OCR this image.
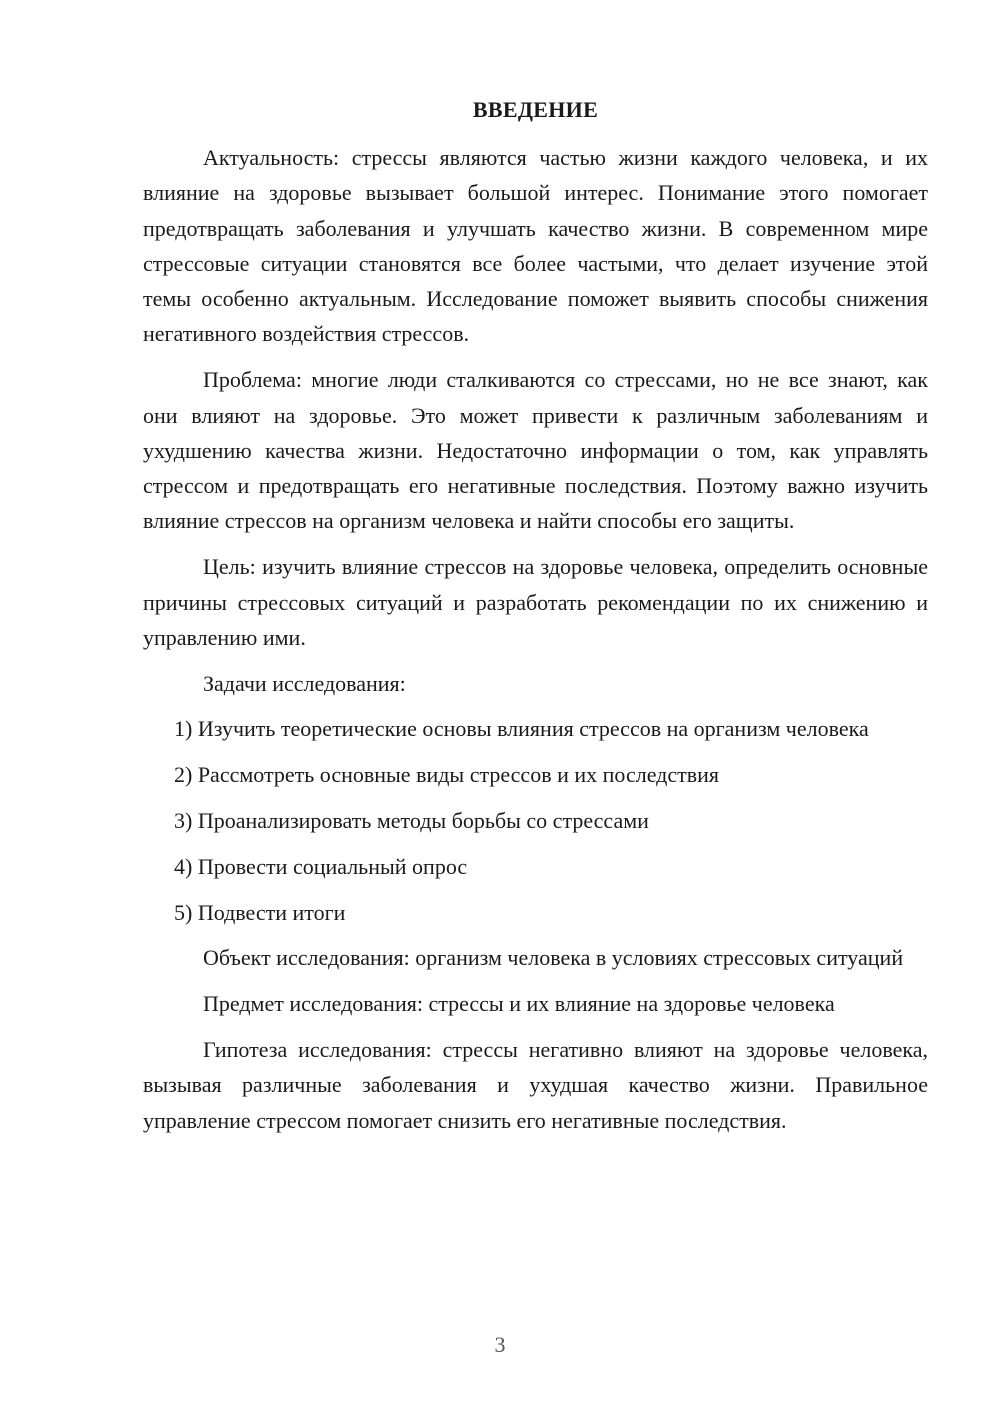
ВВЕДЕНИЕ

Актуальность: стрессы являются частью жизни каждого человека, и их влияние на здоровье вызывает большой интерес. Понимание этого помогает предотвращать заболевания и улучшать качество жизни. В современном мире стрессовые ситуации становятся все более частыми, что делает изучение этой темы особенно актуальным. Исследование поможет выявить способы снижения негативного воздействия стрессов.

Проблема: многие люди сталкиваются со стрессами, но не все знают, как они влияют на здоровье. Это может привести к различным заболеваниям и ухудшению качества жизни. Недостаточно информации о том, как управлять стрессом и предотвращать его негативные последствия. Поэтому важно изучить влияние стрессов на организм человека и найти способы его защиты.

Цель: изучить влияние стрессов на здоровье человека, определить основные причины стрессовых ситуаций и разработать рекомендации по их снижению и управлению ими.

Задачи исследования:

1) Изучить теоретические основы влияния стрессов на организм человека

2) Рассмотреть основные виды стрессов и их последствия

3) Проанализировать методы борьбы со стрессами

4) Провести социальный опрос

5) Подвести итоги

Объект исследования: организм человека в условиях стрессовых ситуаций

Предмет исследования: стрессы и их влияние на здоровье человека

Гипотеза исследования: стрессы негативно влияют на здоровье человека, вызывая различные заболевания и ухудшая качество жизни. Правильное управление стрессом помогает снизить его негативные последствия.

3
